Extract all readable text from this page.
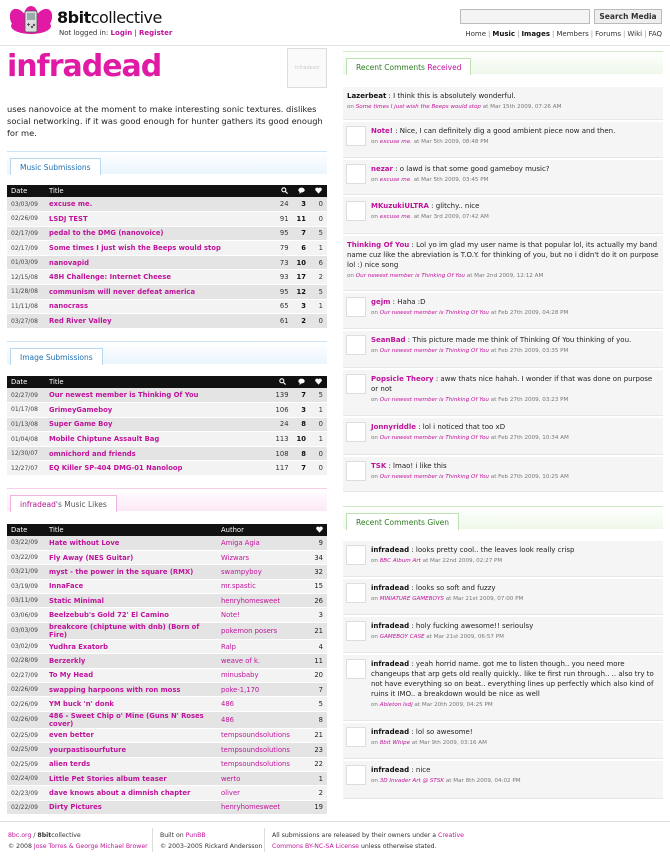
8bitcollective
Not logged in: Login | Register
Search Media
Home | Music | Images | Members | Forums | Wiki | FAQ
infradead	infradead
uses nanovoice at the moment to make interesting sonic textures. dislikes social networking. if it was good enough for hunter gathers its good enough for me.
Music Submissions
Date	Title			
03/03/09	excuse me.	24	3	0
02/26/09	LSDJ TEST	91	11	0
02/17/09	pedal to the DMG (nanovoice)	95	7	5
02/17/09	Some times I just wish the Beeps would stop	79	6	1
01/03/09	nanovapid	73	10	6
12/15/08	48H Challenge: Internet Cheese	93	17	2
11/28/08	communism will never defeat america	95	12	5
11/11/08	nanocrass	65	3	1
03/27/08	Red River Valley	61	2	0
Image Submissions
Date	Title			
02/27/09	Our newest member is Thinking Of You	139	7	5
01/17/08	GrimeyGameboy	106	3	1
01/13/08	Super Game Boy	24	8	0
01/04/08	Mobile Chiptune Assault Bag	113	10	1
12/30/07	omnichord and friends	108	8	0
12/27/07	EQ Killer SP-404 DMG-01 Nanoloop	117	7	0
infradead's Music Likes
Date	Title	Author	
03/22/09	Hate without Love	Amiga Agia	9
03/22/09	Fly Away (NES Guitar)	Wizwars	34
03/21/09	myst - the power in the square (RMX)	swampyboy	32
03/19/09	InnaFace	mr.spastic	15
03/11/09	Static Minimal	henryhomesweet	26
03/06/09	Beelzebub's Gold 72' El Camino	Note!	3
03/03/09	breakcore (chiptune with dnb) (Born of Fire)	pokemon posers	21
03/02/09	Yudhra Exatorb	Ralp	4
02/28/09	Berzerkly	weave of k.	11
02/27/09	To My Head	minusbaby	20
02/26/09	swapping harpoons with ron moss	poke-1,170	7
02/26/09	YM buck 'n' donk	486	5
02/26/09	486 - Sweet Chip o' Mine (Guns N' Roses cover)	486	8
02/25/09	even better	tempsoundsolutions	21
02/25/09	yourpastisourfuture	tempsoundsolutions	23
02/25/09	alien terds	tempsoundsolutions	22
02/24/09	Little Pet Stories album teaser	werto	1
02/23/09	dave knows about a dimnish chapter	oliver	2
02/22/09	Dirty Pictures	henryhomesweet	19
Recent Comments Received
Lazerbeat : I think this is absolutely wonderful.
on Some times I just wish the Beeps would stop at Mar 15th 2009, 07:26 AM
Note! : Nice, I can definitely dig a good ambient piece now and then.
on excuse me. at Mar 5th 2009, 08:48 PM
nezar : o lawd is that some good gameboy music?
on excuse me. at Mar 5th 2009, 03:45 PM
MKuzukiULTRA : glitchy.. nice
on excuse me. at Mar 3rd 2009, 07:42 AM
Thinking Of You : Lol yo im glad my user name is that popular lol, its actually my band name cuz like the abreviation is T.O.Y. for thinking of you, but no i didn't do it on purpose lol :) nice song
on Our newest member is Thinking Of You at Mar 2nd 2009, 12:12 AM
gejm : Haha :D
on Our newest member is Thinking Of You at Feb 27th 2009, 04:28 PM
SeanBad : This picture made me think of Thinking Of You thinking of you.
on Our newest member is Thinking Of You at Feb 27th 2009, 03:35 PM
Popsicle Theory : aww thats nice hahah. I wonder if that was done on purpose or not
on Our newest member is Thinking Of You at Feb 27th 2009, 03:23 PM
Jonnyriddle : lol i noticed that too xD
on Our newest member is Thinking Of You at Feb 27th 2009, 10:34 AM
TSK : lmao! i like this
on Our newest member is Thinking Of You at Feb 27th 2009, 10:25 AM
Recent Comments Given
infradead : looks pretty cool.. the leaves look really crisp
on 8BC Album Art at Mar 22nd 2009, 02:27 PM
infradead : looks so soft and fuzzy
on MINIATURE GAMEBOYS at Mar 21st 2009, 07:00 PM
infradead : holy fucking awesome!! serioulsy
on GAMEBOY CASE at Mar 21st 2009, 06:57 PM
infradead : yeah horrid name. got me to listen though.. you need more changeups that arp gets old really quickly.. like te first run through.. .. also try to not have everything so on beat.. everything lines up perfectly which also kind of ruins it IMO.. a breakdown would be nice as well
on Ableton lsdj at Mar 20th 2009, 04:25 PM
infradead : lol so awesome!
on 8bit Whipe at Mar 9th 2009, 03:16 AM
infradead : nice
on 3D Invader Art @ STSK at Mar 8th 2009, 04:02 PM
8bc.org / 8bitcollective
© 2008 Jose Torres & George Michael Brower
Built on PunBB
© 2003–2005 Rickard Andersson
All submissions are released by their owners under a Creative
Commons BY-NC-SA License unless otherwise stated.
